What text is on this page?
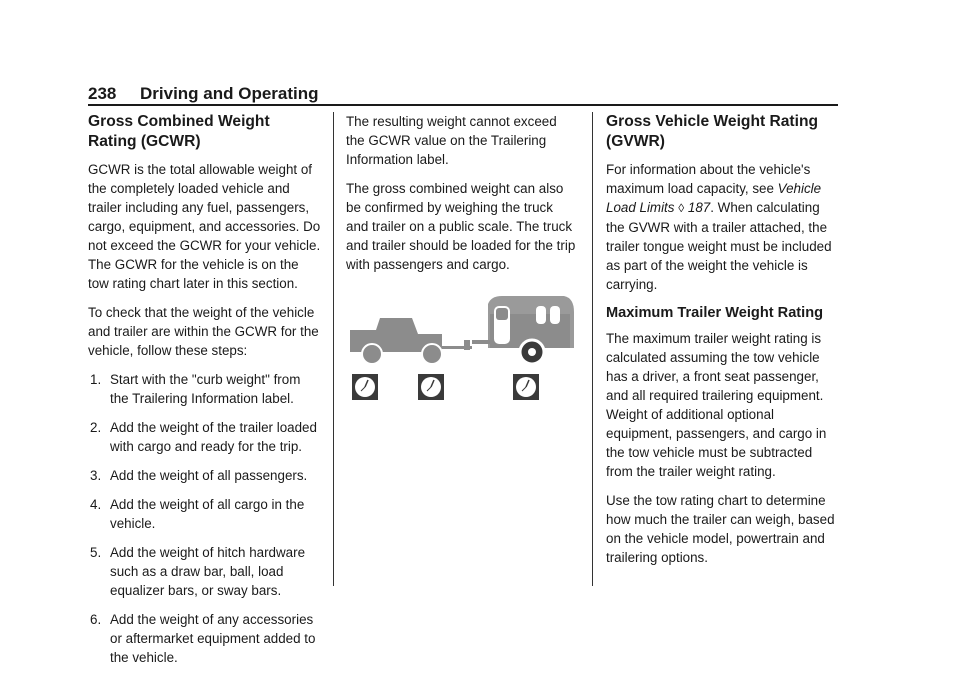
238 Driving and Operating
Gross Combined Weight Rating (GCWR)

GCWR is the total allowable weight of the completely loaded vehicle and trailer including any fuel, passengers, cargo, equipment, and accessories. Do not exceed the GCWR for your vehicle. The GCWR for the vehicle is on the tow rating chart later in this section.

To check that the weight of the vehicle and trailer are within the GCWR for the vehicle, follow these steps:

1. Start with the "curb weight" from the Trailering Information label.
2. Add the weight of the trailer loaded with cargo and ready for the trip.
3. Add the weight of all passengers.
4. Add the weight of all cargo in the vehicle.
5. Add the weight of hitch hardware such as a draw bar, ball, load equalizer bars, or sway bars.
6. Add the weight of any accessories or aftermarket equipment added to the vehicle.

The resulting weight cannot exceed the GCWR value on the Trailering Information label.

The gross combined weight can also be confirmed by weighing the truck and trailer on a public scale. The truck and trailer should be loaded for the trip with passengers and cargo.

Gross Vehicle Weight Rating (GVWR)

For information about the vehicle's maximum load capacity, see Vehicle Load Limits ◊ 187. When calculating the GVWR with a trailer attached, the trailer tongue weight must be included as part of the weight the vehicle is carrying.

Maximum Trailer Weight Rating

The maximum trailer weight rating is calculated assuming the tow vehicle has a driver, a front seat passenger, and all required trailering equipment. Weight of additional optional equipment, passengers, and cargo in the tow vehicle must be subtracted from the trailer weight rating.

Use the tow rating chart to determine how much the trailer can weigh, based on the vehicle model, powertrain and trailering options.
